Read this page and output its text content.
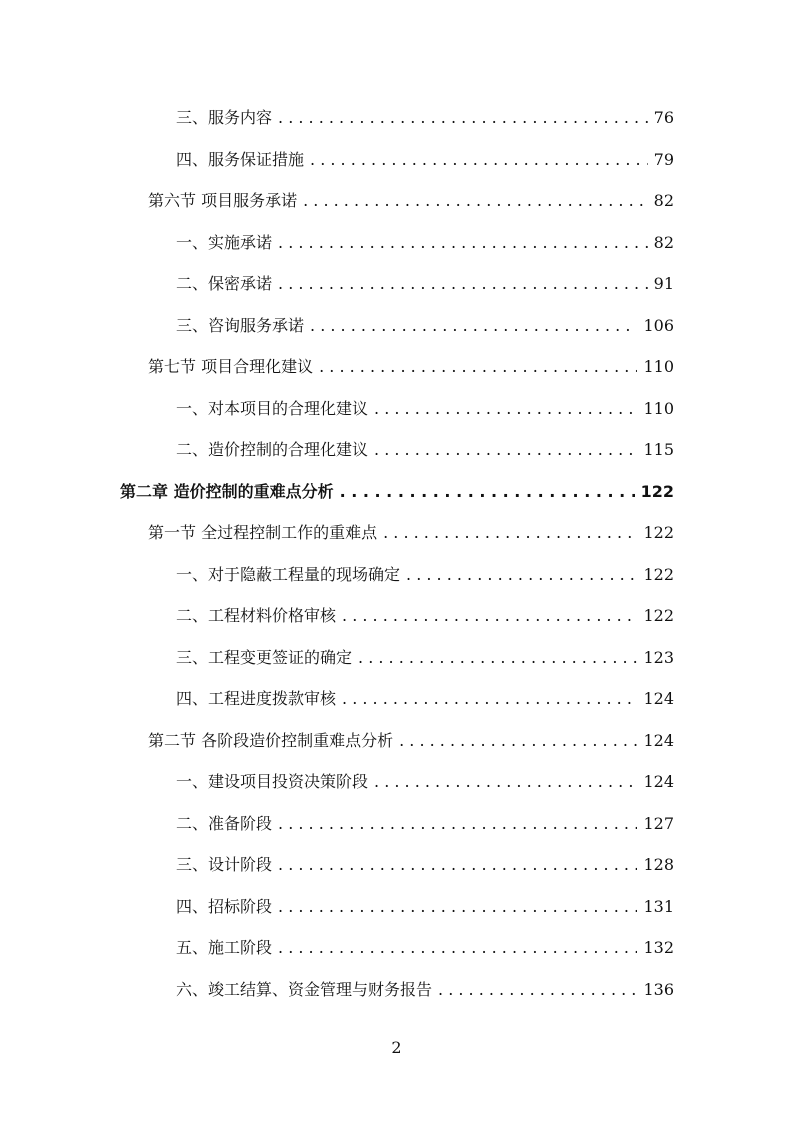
三、服务内容 . . .	76
四、服务保证措施 . . .	79
第六节 项目服务承诺 . . .	82
一、实施承诺 . . .	82
二、保密承诺 . . .	91
三、咨询服务承诺 . . .	106
第七节 项目合理化建议 . . .	110
一、对本项目的合理化建议 . . .	110
二、造价控制的合理化建议 . . .	115
第二章 造价控制的重难点分析 . . .	122
第一节 全过程控制工作的重难点 . . .	122
一、对于隐蔽工程量的现场确定 . . .	122
二、工程材料价格审核 . . .	122
三、工程变更签证的确定 . . .	123
四、工程进度拨款审核 . . .	124
第二节 各阶段造价控制重难点分析 . . .	124
一、建设项目投资决策阶段 . . .	124
二、准备阶段 . . .	127
三、设计阶段 . . .	128
四、招标阶段 . . .	131
五、施工阶段 . . .	132
六、竣工结算、资金管理与财务报告 . . .	136
2
